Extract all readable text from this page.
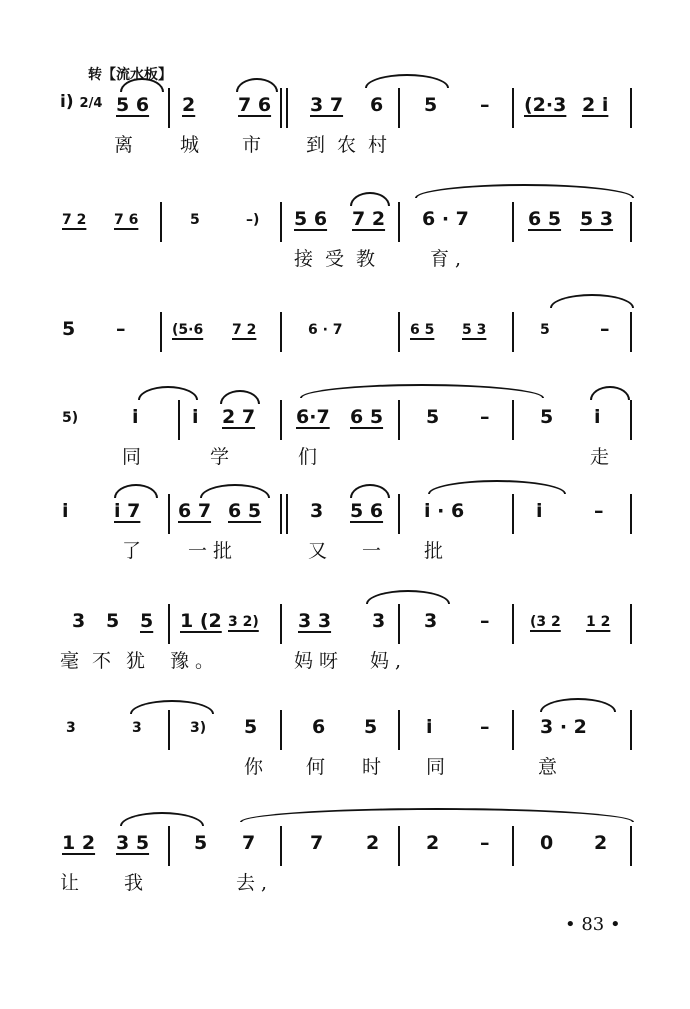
转【流水板】
i) 2/4 5 6 2 7 6 3 7 6 5 – (2·3 2 i
离 城 市 到农村
7 2 7 6	5	–) 5 6 7 2 6 · 7	6 5 5 3
接受教 育,
5 –	(5·6 7 2	6 · 7	6 5 5 3	5	–
5)	i	i 2 7 6·7 6 5 5 –	5 i
同	学	们	走
i i 7 6 7 6 5	3 5 6 i · 6	i	–
了 一批	又 一 批
3 5 5 1 (2 3 2) 3 3 3 3 –	(3 2 1 2
毫 不 犹 豫。	妈呀 妈,
3	3	3) 5	6 5	i –	3 · 2
你 何 时 同	意
1 2 3 5 5 7	7 2 2 –	0 2
让 我	去,
• 83 •
